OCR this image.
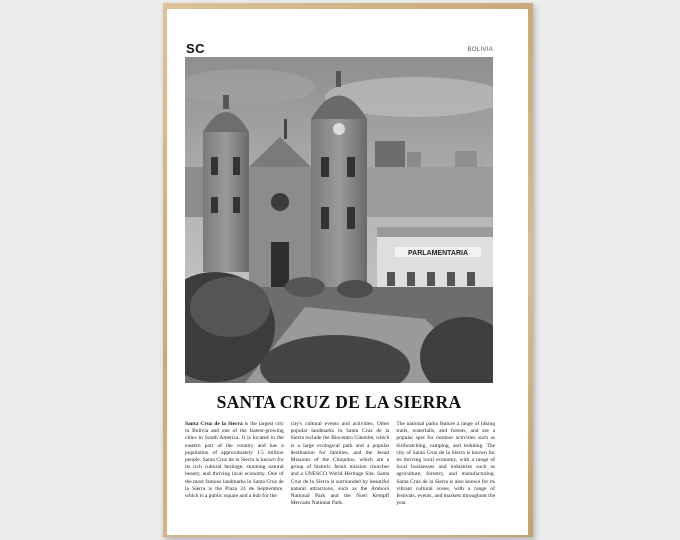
SC	BOLIVIA
PARLAMENTARIA
SANTA CRUZ DE LA SIERRA
Santa Cruz de la Sierra is the largest city in Bolivia and one of the fastest-growing cities in South America. It is located in the eastern part of the country and has a population of approximately 1.5 million people. Santa Cruz de la Sierra is known for its rich cultural heritage, stunning natural beauty, and thriving local economy. One of the most famous landmarks in Santa Cruz de la Sierra is the Plaza 24 de Septiembre, which is a public square and a hub for the
city's cultural events and activities. Other popular landmarks in Santa Cruz de la Sierra include the Biocentro Güembé, which is a large ecological park and a popular destination for families, and the Jesuit Missions of the Chiquitos, which are a group of historic Jesuit mission churches and a UNESCO World Heritage Site. Santa Cruz de la Sierra is surrounded by beautiful natural attractions, such as the Amboró National Park and the Noel Kempff Mercado National Park.
The national parks feature a range of hiking trails, waterfalls, and forests, and are a popular spot for outdoor activities such as birdwatching, camping, and trekking. The city of Santa Cruz de la Sierra is known for its thriving local economy, with a range of local businesses and industries such as agriculture, forestry, and manufacturing. Santa Cruz de la Sierra is also known for its vibrant cultural scene, with a range of festivals, events, and markets throughout the year.
